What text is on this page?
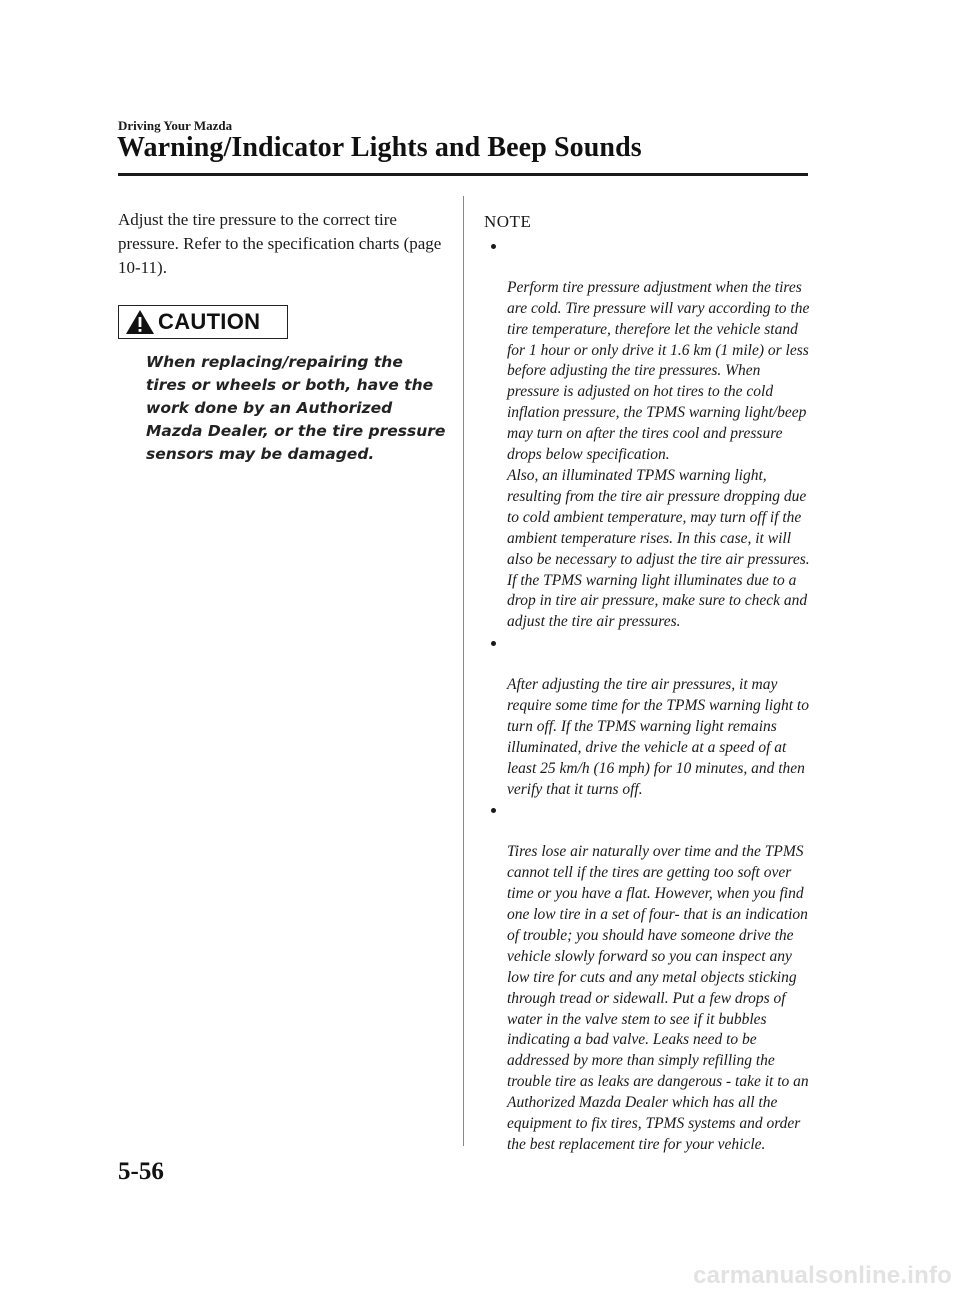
Driving Your Mazda
Warning/Indicator Lights and Beep Sounds

Adjust the tire pressure to the correct tire pressure. Refer to the specification charts (page 10-11).

CAUTION

When replacing/repairing the tires or wheels or both, have the work done by an Authorized Mazda Dealer, or the tire pressure sensors may be damaged.

NOTE

Perform tire pressure adjustment when the tires are cold. Tire pressure will vary according to the tire temperature, therefore let the vehicle stand for 1 hour or only drive it 1.6 km (1 mile) or less before adjusting the tire pressures. When pressure is adjusted on hot tires to the cold inflation pressure, the TPMS warning light/beep may turn on after the tires cool and pressure drops below specification.
Also, an illuminated TPMS warning light, resulting from the tire air pressure dropping due to cold ambient temperature, may turn off if the ambient temperature rises. In this case, it will also be necessary to adjust the tire air pressures. If the TPMS warning light illuminates due to a drop in tire air pressure, make sure to check and adjust the tire air pressures.

After adjusting the tire air pressures, it may require some time for the TPMS warning light to turn off. If the TPMS warning light remains illuminated, drive the vehicle at a speed of at least 25 km/h (16 mph) for 10 minutes, and then verify that it turns off.

Tires lose air naturally over time and the TPMS cannot tell if the tires are getting too soft over time or you have a flat. However, when you find one low tire in a set of four- that is an indication of trouble; you should have someone drive the vehicle slowly forward so you can inspect any low tire for cuts and any metal objects sticking through tread or sidewall. Put a few drops of water in the valve stem to see if it bubbles indicating a bad valve. Leaks need to be addressed by more than simply refilling the trouble tire as leaks are dangerous - take it to an Authorized Mazda Dealer which has all the equipment to fix tires, TPMS systems and order the best replacement tire for your vehicle.

5-56
carmanualsonline.info
